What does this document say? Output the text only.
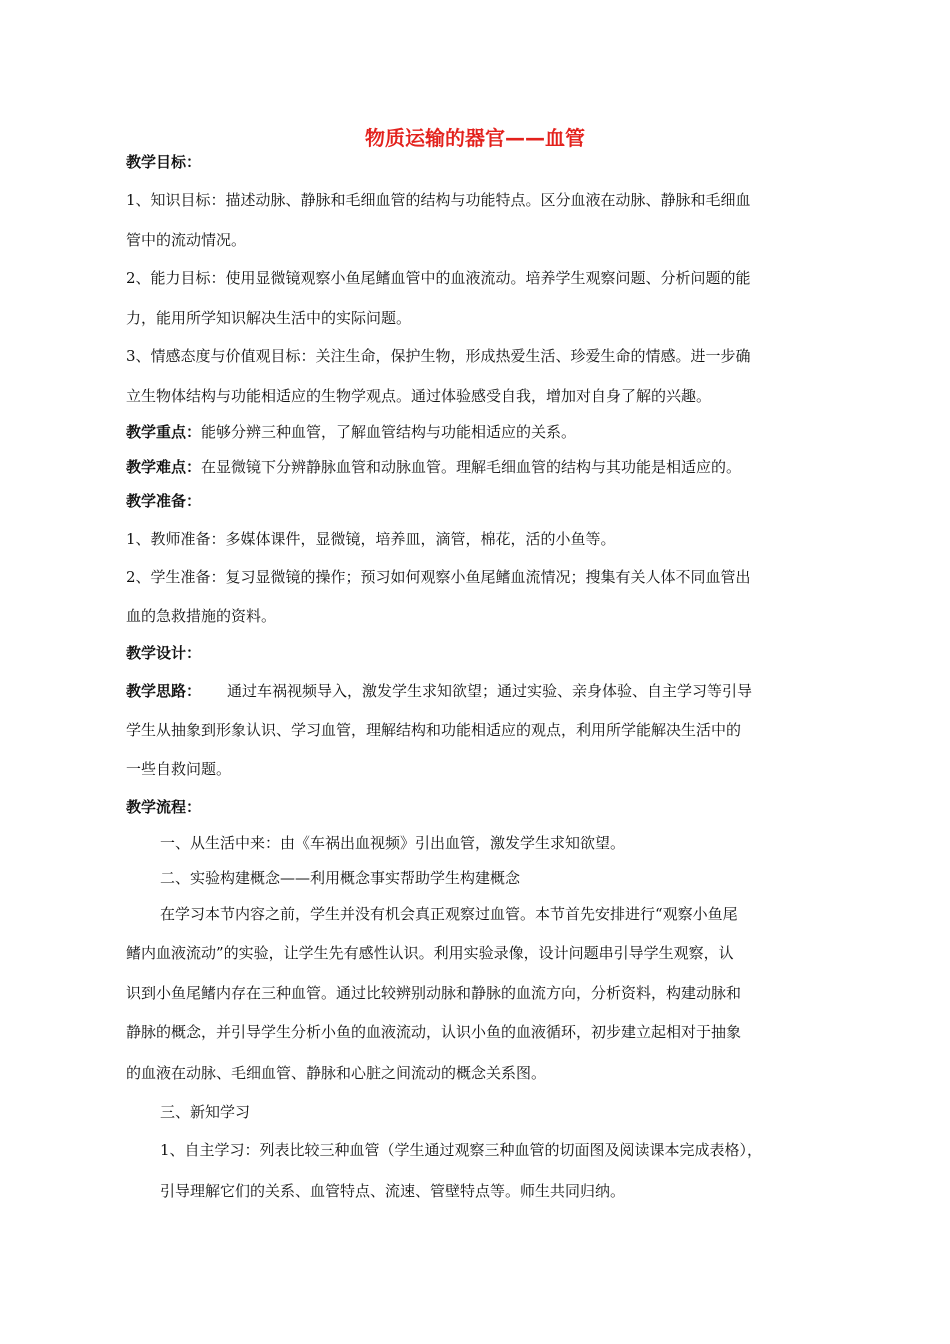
物质运输的器官——血管
教学目标：
1、知识目标：描述动脉、静脉和毛细血管的结构与功能特点。区分血液在动脉、静脉和毛细血
管中的流动情况。
2、能力目标：使用显微镜观察小鱼尾鳍血管中的血液流动。培养学生观察问题、分析问题的能
力，能用所学知识解决生活中的实际问题。
3、情感态度与价值观目标：关注生命，保护生物，形成热爱生活、珍爱生命的情感。进一步确
立生物体结构与功能相适应的生物学观点。通过体验感受自我，增加对自身了解的兴趣。
教学重点：能够分辨三种血管，了解血管结构与功能相适应的关系。
教学难点：在显微镜下分辨静脉血管和动脉血管。理解毛细血管的结构与其功能是相适应的。
教学准备：
1、教师准备：多媒体课件，显微镜，培养皿，滴管，棉花，活的小鱼等。
2、学生准备：复习显微镜的操作；预习如何观察小鱼尾鳍血流情况；搜集有关人体不同血管出
血的急救措施的资料。
教学设计：
教学思路： 通过车祸视频导入，激发学生求知欲望；通过实验、亲身体验、自主学习等引导
学生从抽象到形象认识、学习血管，理解结构和功能相适应的观点，利用所学能解决生活中的
一些自救问题。
教学流程：
一、从生活中来：由《车祸出血视频》引出血管，激发学生求知欲望。
二、实验构建概念——利用概念事实帮助学生构建概念
在学习本节内容之前，学生并没有机会真正观察过血管。本节首先安排进行“观察小鱼尾
鳍内血液流动”的实验，让学生先有感性认识。利用实验录像，设计问题串引导学生观察，认
识到小鱼尾鳍内存在三种血管。通过比较辨别动脉和静脉的血流方向，分析资料，构建动脉和
静脉的概念，并引导学生分析小鱼的血液流动，认识小鱼的血液循环，初步建立起相对于抽象
的血液在动脉、毛细血管、静脉和心脏之间流动的概念关系图。
三、新知学习
1、自主学习：列表比较三种血管（学生通过观察三种血管的切面图及阅读课本完成表格），
引导理解它们的关系、血管特点、流速、管壁特点等。师生共同归纳。
